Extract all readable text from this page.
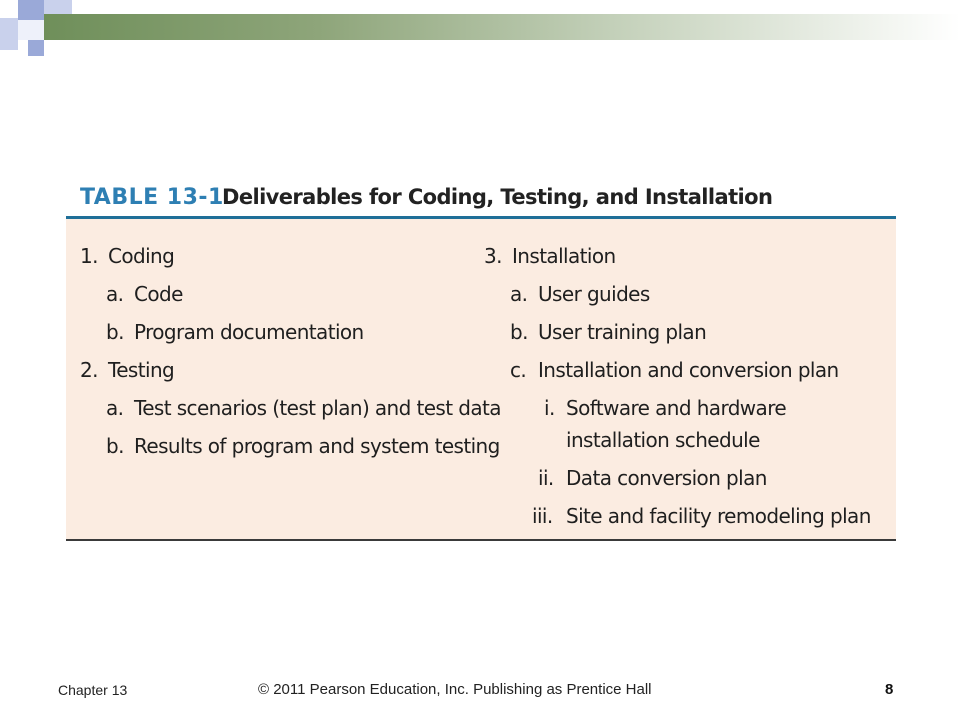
TABLE 13-1
Deliverables for Coding, Testing, and Installation
1. Coding

a. Code

b. Program documentation

2. Testing

a. Test scenarios (test plan) and test data

b. Results of program and system testing

3. Installation

a. User guides

b. User training plan

c. Installation and conversion plan

i. Software and hardware installation schedule

ii. Data conversion plan

iii. Site and facility remodeling plan

Chapter 13	© 2011 Pearson Education, Inc. Publishing as Prentice Hall	8
